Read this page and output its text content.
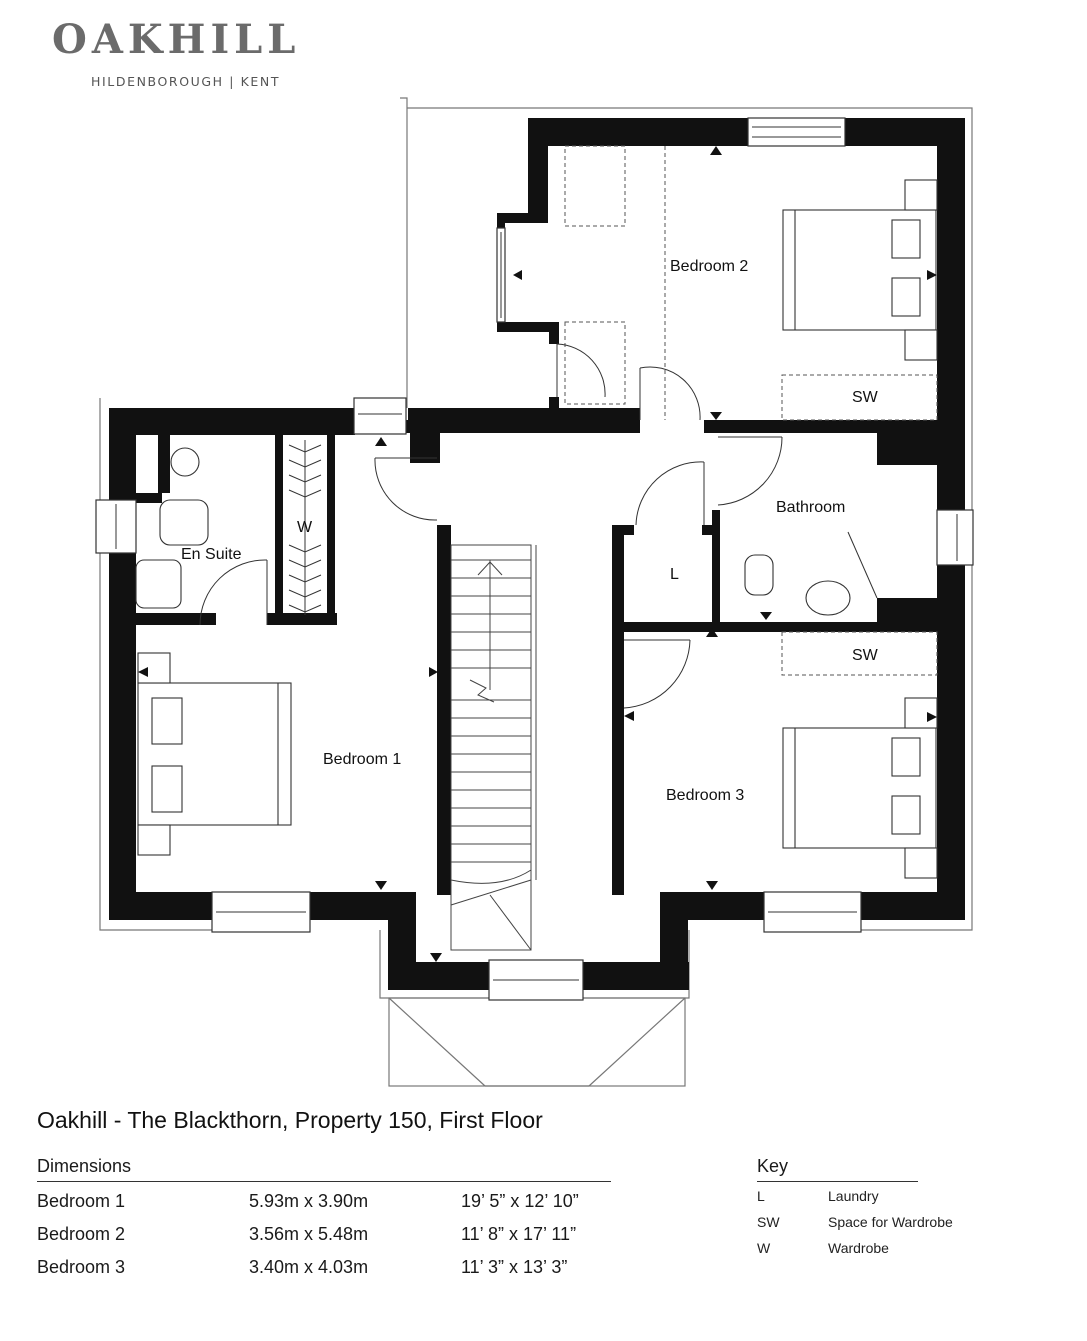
OAKHILL
HILDENBOROUGH | KENT
Bedroom 2
SW
Bathroom
L
SW
Bedroom 3
Bedroom 1
En Suite
W
Oakhill - The Blackthorn, Property 150, First Floor
Dimensions
Bedroom 1	5.93m x 3.90m	19’ 5” x 12’ 10”
Bedroom 2	3.56m x 5.48m	11’ 8” x 17’ 11”
Bedroom 3	3.40m x 4.03m	11’ 3” x 13’ 3”
Key
L	Laundry
SW	Space for Wardrobe
W	Wardrobe
